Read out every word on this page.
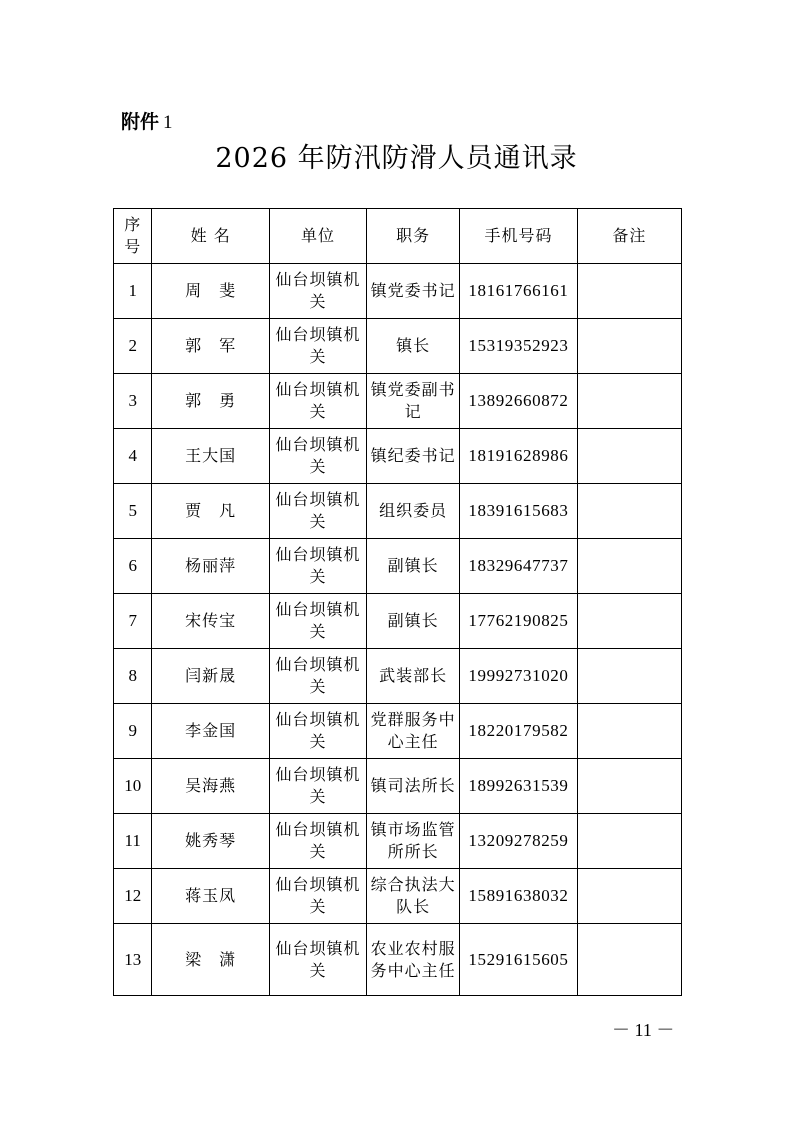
附件 1
2026 年防汛防滑人员通讯录
序号	姓 名	单位	职务	手机号码	备注
1	周　斐	仙台坝镇机关	镇党委书记	18161766161	
2	郭　军	仙台坝镇机关	镇长	15319352923	
3	郭　勇	仙台坝镇机关	镇党委副书记	13892660872	
4	王大国	仙台坝镇机关	镇纪委书记	18191628986	
5	贾　凡	仙台坝镇机关	组织委员	18391615683	
6	杨丽萍	仙台坝镇机关	副镇长	18329647737	
7	宋传宝	仙台坝镇机关	副镇长	17762190825	
8	闫新晟	仙台坝镇机关	武装部长	19992731020	
9	李金国	仙台坝镇机关	党群服务中心主任	18220179582	
10	吴海燕	仙台坝镇机关	镇司法所长	18992631539	
11	姚秀琴	仙台坝镇机关	镇市场监管所所长	13209278259	
12	蒋玉凤	仙台坝镇机关	综合执法大队长	15891638032	
13	梁　潇	仙台坝镇机关	农业农村服务中心主任	15291615605	
－ 11 －
